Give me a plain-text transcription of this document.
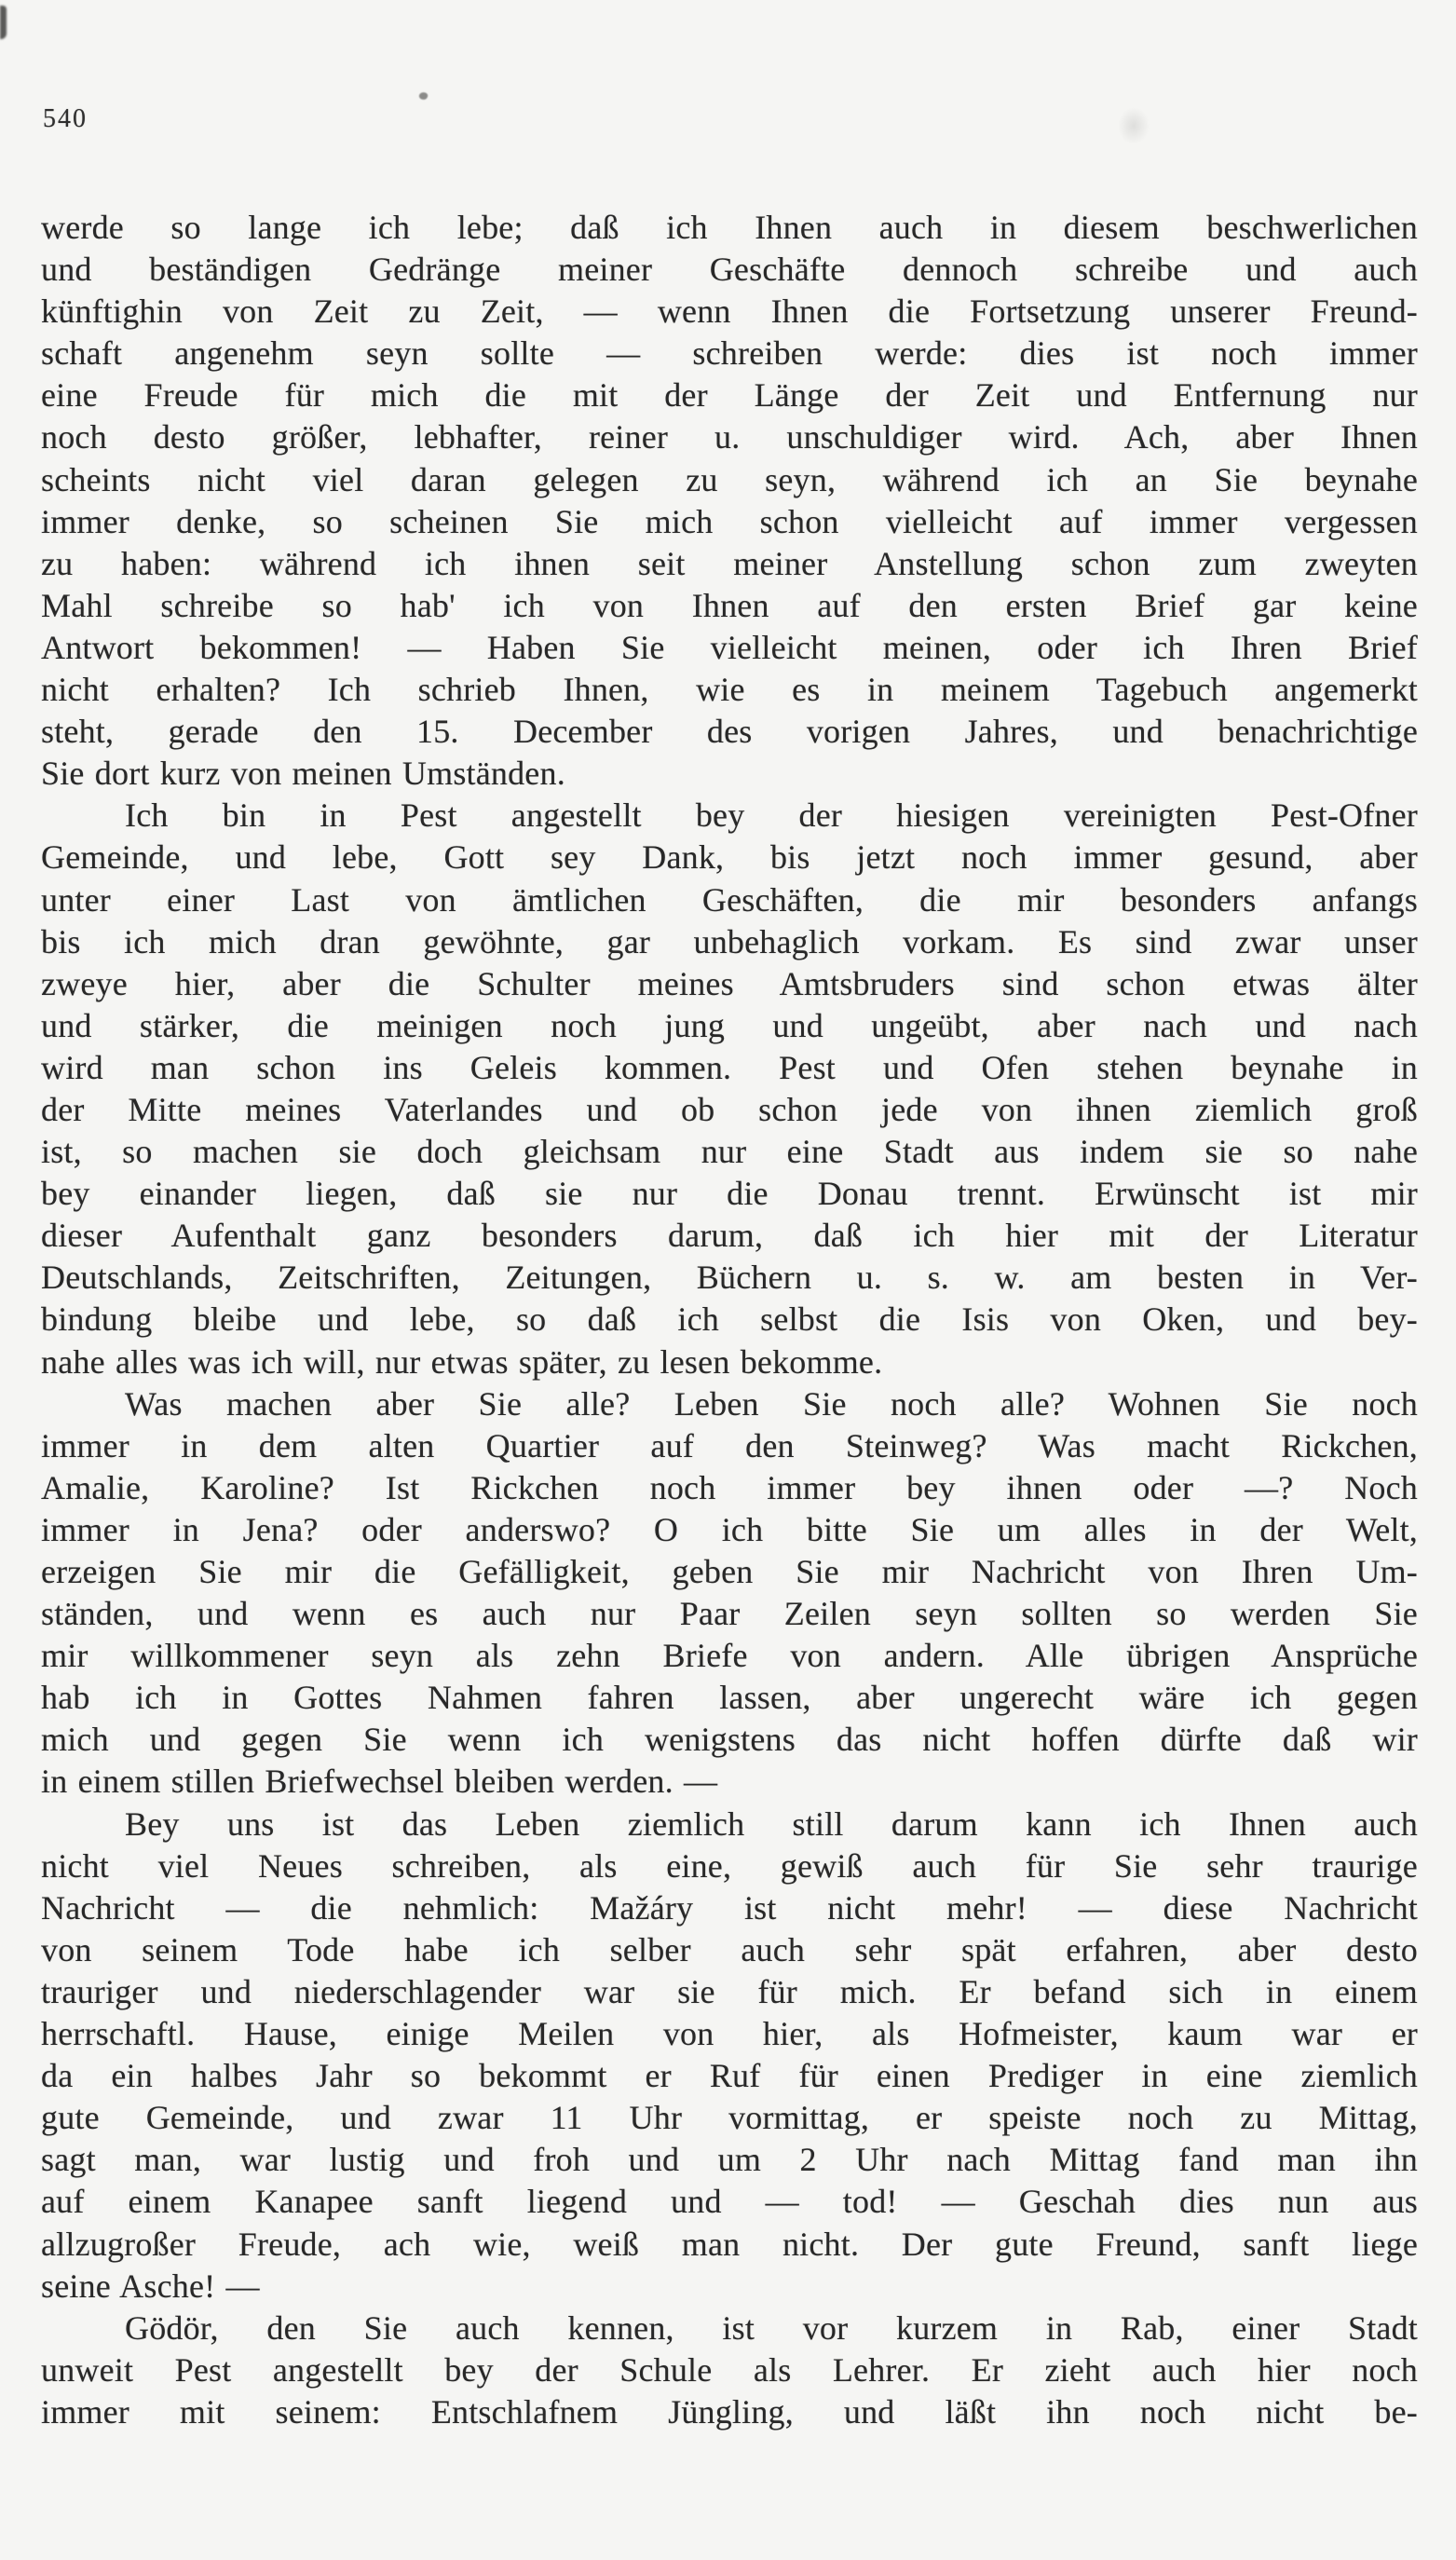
540
werde so lange ich lebe; daß ich Ihnen auch in diesem beschwerlichen
und beständigen Gedränge meiner Geschäfte dennoch schreibe und auch
künftighin von Zeit zu Zeit, — wenn Ihnen die Fortsetzung unserer Freund-
schaft angenehm seyn sollte — schreiben werde: dies ist noch immer
eine Freude für mich die mit der Länge der Zeit und Entfernung nur
noch desto größer, lebhafter, reiner u. unschuldiger wird. Ach, aber Ihnen
scheints nicht viel daran gelegen zu seyn, während ich an Sie beynahe
immer denke, so scheinen Sie mich schon vielleicht auf immer vergessen
zu haben: während ich ihnen seit meiner Anstellung schon zum zweyten
Mahl schreibe so hab' ich von Ihnen auf den ersten Brief gar keine
Antwort bekommen! — Haben Sie vielleicht meinen, oder ich Ihren Brief
nicht erhalten? Ich schrieb Ihnen, wie es in meinem Tagebuch angemerkt
steht, gerade den 15. December des vorigen Jahres, und benachrichtige
Sie dort kurz von meinen Umständen.
Ich bin in Pest angestellt bey der hiesigen vereinigten Pest-Ofner
Gemeinde, und lebe, Gott sey Dank, bis jetzt noch immer gesund, aber
unter einer Last von ämtlichen Geschäften, die mir besonders anfangs
bis ich mich dran gewöhnte, gar unbehaglich vorkam. Es sind zwar unser
zweye hier, aber die Schulter meines Amtsbruders sind schon etwas älter
und stärker, die meinigen noch jung und ungeübt, aber nach und nach
wird man schon ins Geleis kommen. Pest und Ofen stehen beynahe in
der Mitte meines Vaterlandes und ob schon jede von ihnen ziemlich groß
ist, so machen sie doch gleichsam nur eine Stadt aus indem sie so nahe
bey einander liegen, daß sie nur die Donau trennt. Erwünscht ist mir
dieser Aufenthalt ganz besonders darum, daß ich hier mit der Literatur
Deutschlands, Zeitschriften, Zeitungen, Büchern u. s. w. am besten in Ver-
bindung bleibe und lebe, so daß ich selbst die Isis von Oken, und bey-
nahe alles was ich will, nur etwas später, zu lesen bekomme.
Was machen aber Sie alle? Leben Sie noch alle? Wohnen Sie noch
immer in dem alten Quartier auf den Steinweg? Was macht Rickchen,
Amalie, Karoline? Ist Rickchen noch immer bey ihnen oder —? Noch
immer in Jena? oder anderswo? O ich bitte Sie um alles in der Welt,
erzeigen Sie mir die Gefälligkeit, geben Sie mir Nachricht von Ihren Um-
ständen, und wenn es auch nur Paar Zeilen seyn sollten so werden Sie
mir willkommener seyn als zehn Briefe von andern. Alle übrigen Ansprüche
hab ich in Gottes Nahmen fahren lassen, aber ungerecht wäre ich gegen
mich und gegen Sie wenn ich wenigstens das nicht hoffen dürfte daß wir
in einem stillen Briefwechsel bleiben werden. —
Bey uns ist das Leben ziemlich still darum kann ich Ihnen auch
nicht viel Neues schreiben, als eine, gewiß auch für Sie sehr traurige
Nachricht — die nehmlich: Mažáry ist nicht mehr! — diese Nachricht
von seinem Tode habe ich selber auch sehr spät erfahren, aber desto
trauriger und niederschlagender war sie für mich. Er befand sich in einem
herrschaftl. Hause, einige Meilen von hier, als Hofmeister, kaum war er
da ein halbes Jahr so bekommt er Ruf für einen Prediger in eine ziemlich
gute Gemeinde, und zwar 11 Uhr vormittag, er speiste noch zu Mittag,
sagt man, war lustig und froh und um 2 Uhr nach Mittag fand man ihn
auf einem Kanapee sanft liegend und — tod! — Geschah dies nun aus
allzugroßer Freude, ach wie, weiß man nicht. Der gute Freund, sanft liege
seine Asche! —
Gödör, den Sie auch kennen, ist vor kurzem in Rab, einer Stadt
unweit Pest angestellt bey der Schule als Lehrer. Er zieht auch hier noch
immer mit seinem: Entschlafnem Jüngling, und läßt ihn noch nicht be-
